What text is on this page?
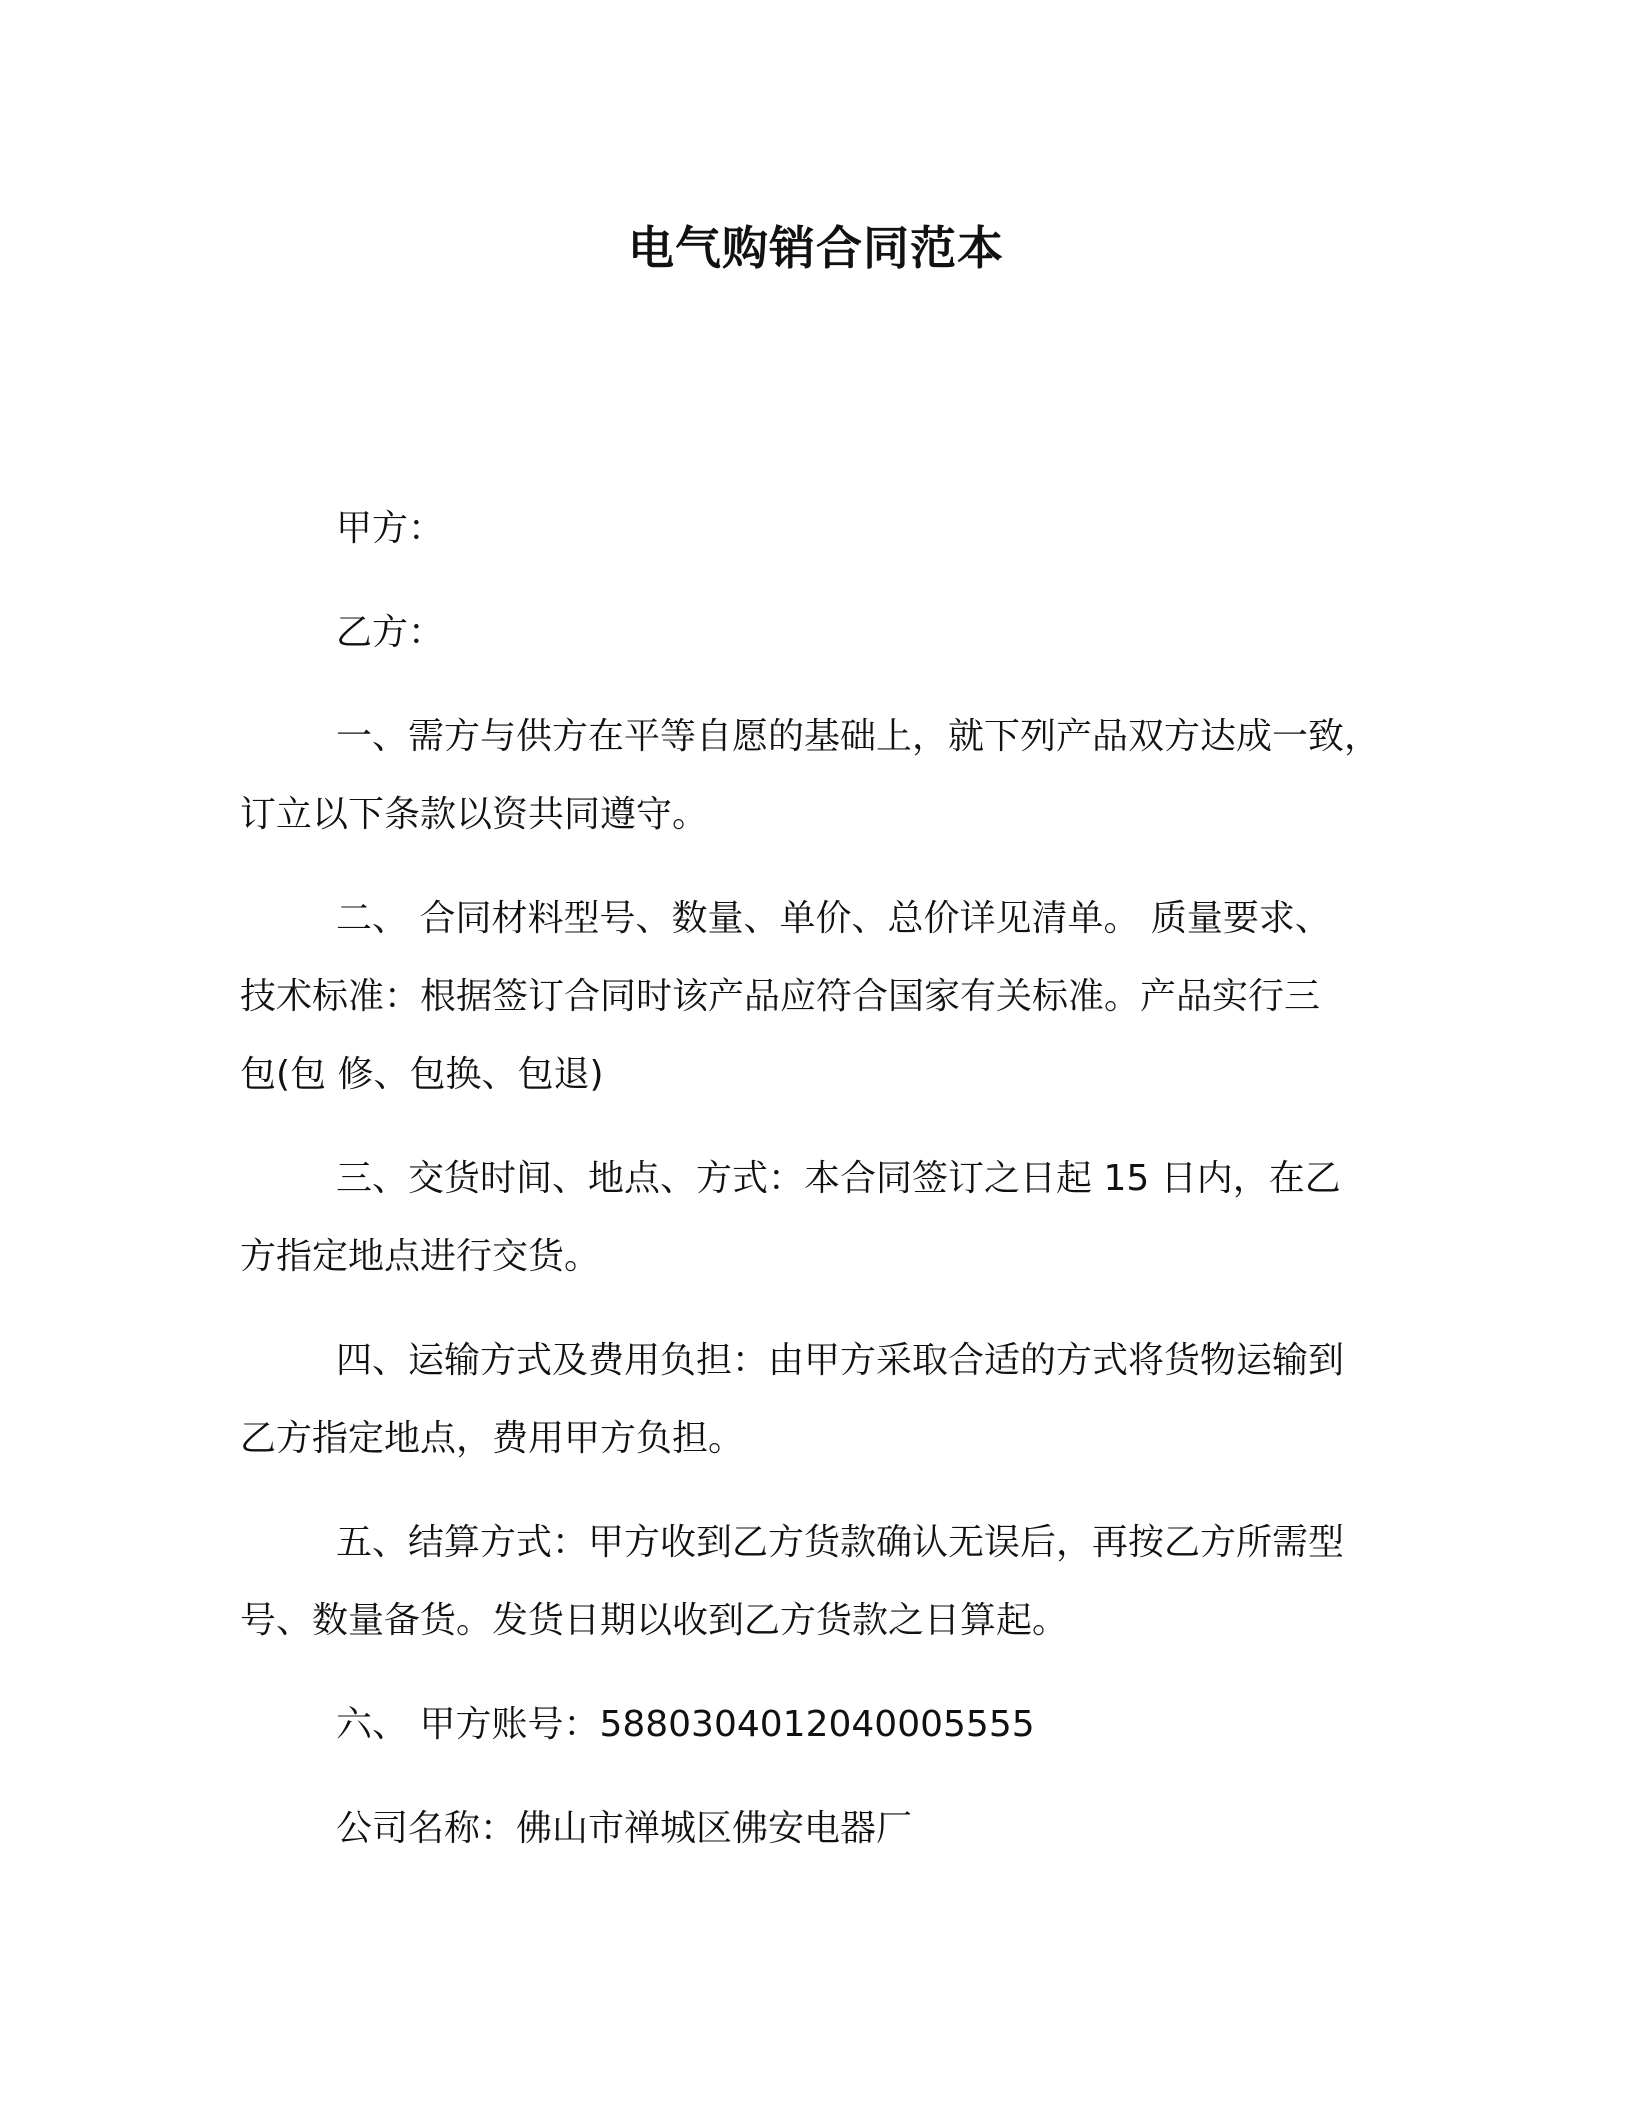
电气购销合同范本
甲方：
乙方：
一、需方与供方在平等自愿的基础上，就下列产品双方达成一致，
订立以下条款以资共同遵守。
二、 合同材料型号、数量、单价、总价详见清单。 质量要求、
技术标准：根据签订合同时该产品应符合国家有关标准。产品实行三
包(包 修、包换、包退)
三、交货时间、地点、方式：本合同签订之日起 15 日内，在乙
方指定地点进行交货。
四、运输方式及费用负担：由甲方采取合适的方式将货物运输到
乙方指定地点，费用甲方负担。
五、结算方式：甲方收到乙方货款确认无误后，再按乙方所需型
号、数量备货。发货日期以收到乙方货款之日算起。
六、 甲方账号：5880304012040005555
公司名称：佛山市禅城区佛安电器厂
